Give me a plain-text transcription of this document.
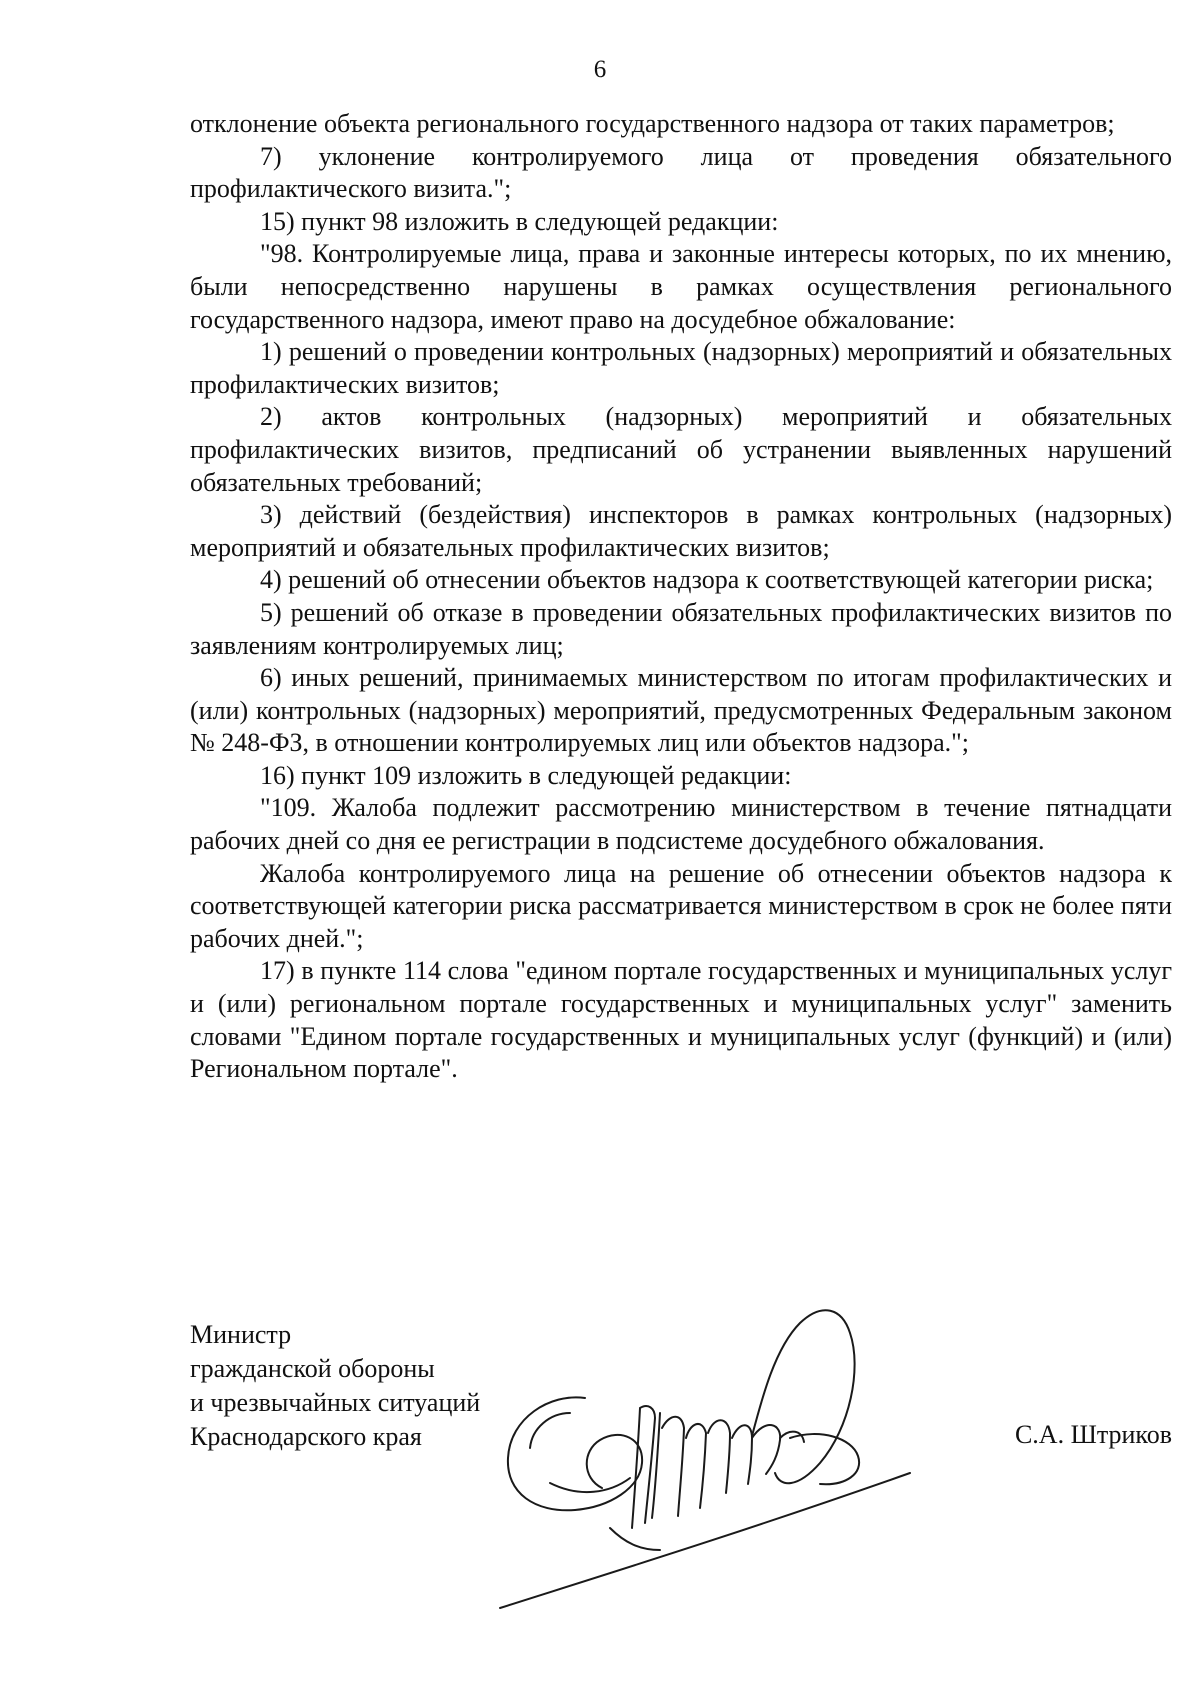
6

отклонение объекта регионального государственного надзора от таких параметров;

7) уклонение контролируемого лица от проведения обязательного профилактического визита.";

15) пункт 98 изложить в следующей редакции:

"98. Контролируемые лица, права и законные интересы которых, по их мнению, были непосредственно нарушены в рамках осуществления регионального государственного надзора, имеют право на досудебное обжалование:

1) решений о проведении контрольных (надзорных) мероприятий и обязательных профилактических визитов;

2) актов контрольных (надзорных) мероприятий и обязательных профилактических визитов, предписаний об устранении выявленных нарушений обязательных требований;

3) действий (бездействия) инспекторов в рамках контрольных (надзорных) мероприятий и обязательных профилактических визитов;

4) решений об отнесении объектов надзора к соответствующей категории риска;

5) решений об отказе в проведении обязательных профилактических визитов по заявлениям контролируемых лиц;

6) иных решений, принимаемых министерством по итогам профилактических и (или) контрольных (надзорных) мероприятий, предусмотренных Федеральным законом № 248-ФЗ, в отношении контролируемых лиц или объектов надзора.";

16) пункт 109 изложить в следующей редакции:

"109. Жалоба подлежит рассмотрению министерством в течение пятнадцати рабочих дней со дня ее регистрации в подсистеме досудебного обжалования.

Жалоба контролируемого лица на решение об отнесении объектов надзора к соответствующей категории риска рассматривается министерством в срок не более пяти рабочих дней.";

17) в пункте 114 слова "едином портале государственных и муниципальных услуг и (или) региональном портале государственных и муниципальных услуг" заменить словами "Едином портале государственных и муниципальных услуг (функций) и (или) Региональном портале".

Министр
гражданской обороны
и чрезвычайных ситуаций
Краснодарского края	С.А. Штриков
